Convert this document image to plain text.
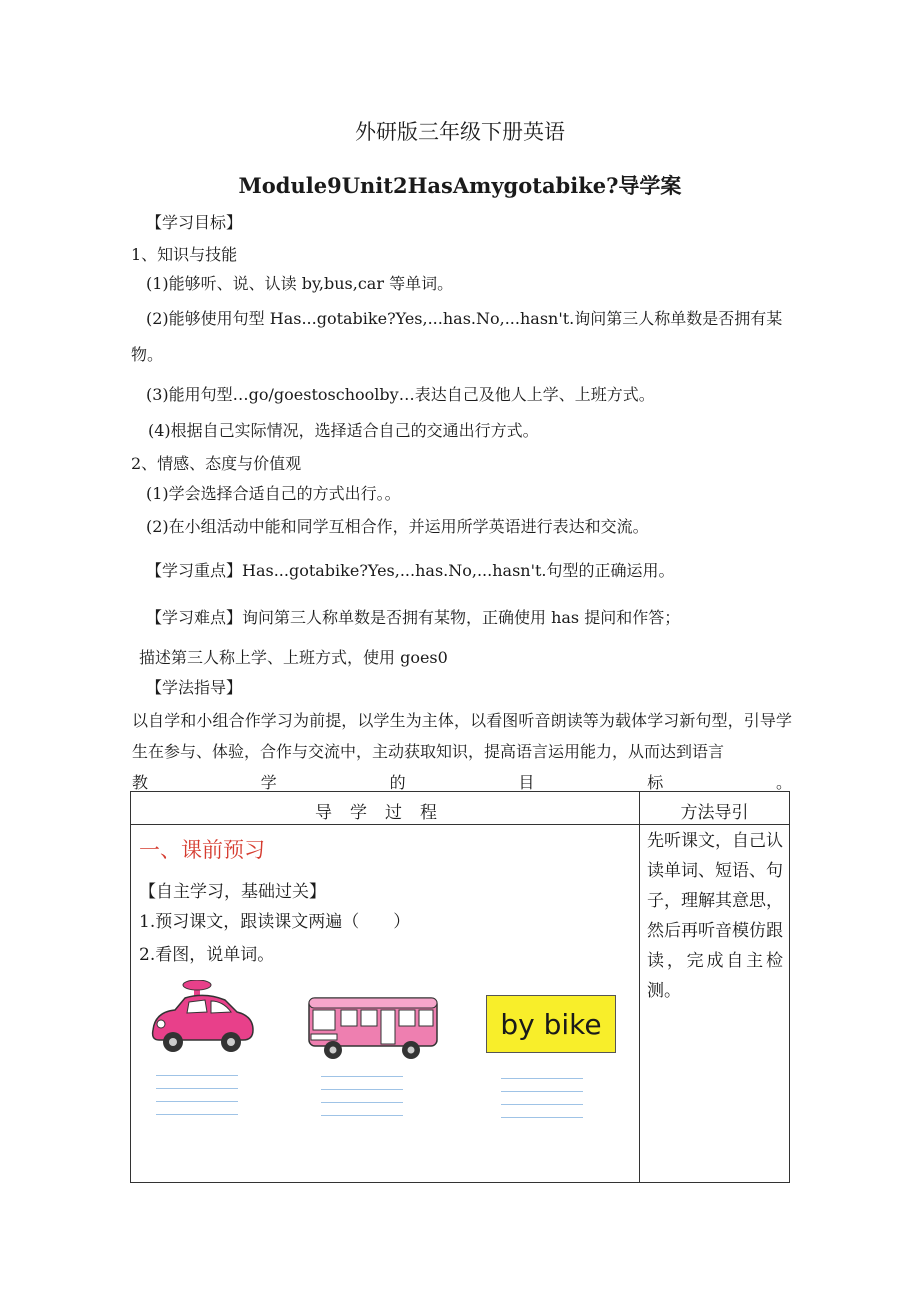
外研版三年级下册英语
Module9Unit2HasAmygotabike?导学案
【学习目标】
1、知识与技能
(1)能够听、说、认读 by,bus,car 等单词。
(2)能够使用句型 Has...gotabike?Yes,...has.No,...hasn't.询问第三人称单数是否拥有某
物。
(3)能用句型…go/goestoschoolby…表达自己及他人上学、上班方式。
(4)根据自己实际情况，选择适合自己的交通出行方式。
2、情感、态度与价值观
(1)学会选择合适自己的方式出行。。
(2)在小组活动中能和同学互相合作，并运用所学英语进行表达和交流。
【学习重点】Has...gotabike?Yes,...has.No,...hasn't.句型的正确运用。
【学习难点】询问第三人称单数是否拥有某物，正确使用 has 提问和作答；
描述第三人称上学、上班方式，使用 goes0
【学法指导】
以自学和小组合作学习为前提，以学生为主体，以看图听音朗读等为载体学习新句型，引导学生在参与、体验，合作与交流中，主动获取知识，提高语言运用能力，从而达到语言
教	学	的	目	标	。
导学过程	方法导引
一、课前预习
【自主学习，基础过关】
1.预习课文，跟读课文两遍（　　）
2.看图，说单词。
by bike
先听课文，自己认读单词、短语、句子，理解其意思，然后再听音模仿跟读，完成自主检测。
